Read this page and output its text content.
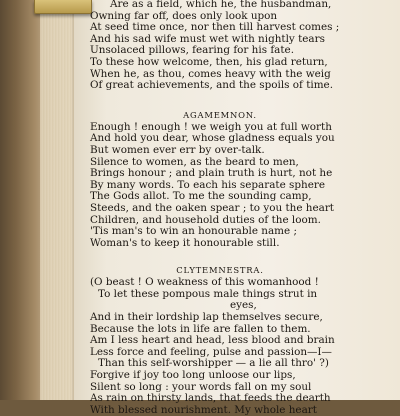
Are as a field, which he, the husbandman,
Owning far off, does only look upon
At seed time once, nor then till harvest comes ;
And his sad wife must wet with nightly tears
Unsolaced pillows, fearing for his fate.
To these how welcome, then, his glad return,
When he, as thou, comes heavy with the weig
Of great achievements, and the spoils of time.
AGAMEMNON.
Enough ! enough ! we weigh you at full worth
And hold you dear, whose gladness equals you
But women ever err by over-talk.
Silence to women, as the beard to men,
Brings honour ; and plain truth is hurt, not he
By many words. To each his separate sphere
The Gods allot. To me the sounding camp,
Steeds, and the oaken spear ; to you the heart
Children, and household duties of the loom.
'Tis man's to win an honourable name ;
Woman's to keep it honourable still.
CLYTEMNESTRA.
(O beast ! O weakness of this womanhood !
To let these pompous male things strut in
eyes,
And in their lordship lap themselves secure,
Because the lots in life are fallen to them.
Am I less heart and head, less blood and brain
Less force and feeling, pulse and passion—I—
Than this self-worshipper — a lie all thro' ?)
Forgive if joy too long unloose our lips,
Silent so long : your words fall on my soul
As rain on thirsty lands, that feeds the dearth
With blessed nourishment. My whole heart
